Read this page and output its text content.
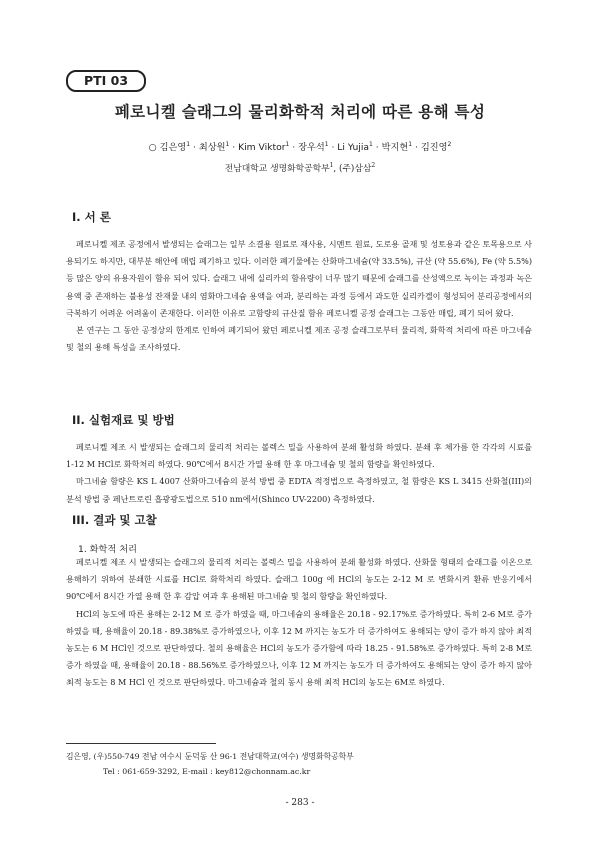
PTI 03
페로니켈 슬래그의 물리화학적 처리에 따른 용해 특성
○ 김은영$^1$ · 최상원$^1$ · Kim Viktor$^1$ · 장우석$^1$ · Li Yujia$^1$ · 박지현$^1$ · 김진영$^2$
전남대학교 생명화학공학부$^1$, (주)삼삼$^2$
I. 서 론

페로니켈 제조 공정에서 발생되는 슬래그는 일부 소결용 원료로 재사용, 시멘트 원료, 도로용 골재 및 성토용과 같은 토목용으로 사용되기도 하지만, 대부분 해안에 매립 폐기하고 있다. 이러한 폐기물에는 산화마그네슘(약 33.5%), 규산 (약 55.6%), Fe (약 5.5%) 등 많은 양의 유용자원이 함유 되어 있다. 슬래그 내에 실리카의 함유량이 너무 많기 때문에 슬래그를 산성액으로 녹이는 과정과 녹은 용액 중 존재하는 불용성 잔재물 내의 염화마그네슘 용액을 여과, 분리하는 과정 등에서 과도한 실리카겔이 형성되어 분리공정에서의 극복하기 어려운 어려움이 존재한다. 이러한 이유로 고함량의 규산질 함유 페로니켈 공정 슬래그는 그동안 매립, 폐기 되어 왔다.

본 연구는 그 동안 공정상의 한계로 인하여 폐기되어 왔던 페로니켈 제조 공정 슬래그로부터 물리적, 화학적 처리에 따른 마그네슘 및 철의 용해 특성을 조사하였다.

II. 실험재료 및 방법

페로니켈 제조 시 발생되는 슬래그의 물리적 처리는 볼렉스 밀을 사용하여 분쇄 활성화 하였다. 분쇄 후 체가름 한 각각의 시료를 1-12 M HCl로 화학처리 하였다. 90℃에서 8시간 가열 용해 한 후 마그네슘 및 철의 함량을 확인하였다.

마그네슘 함량은 KS L 4007 산화마그네슘의 분석 방법 중 EDTA 적정법으로 측정하였고, 철 함량은 KS L 3415 산화철(III)의 분석 방법 중 페난트로린 흡광광도법으로 510 nm에서(Shinco UV-2200) 측정하였다.

III. 결과 및 고찰
1. 화학적 처리

페로니켈 제조 시 발생되는 슬래그의 물리적 처리는 볼렉스 밀을 사용하여 분쇄 활성화 하였다. 산화물 형태의 슬래그를 이온으로 용해하기 위하여 분쇄한 시료를 HCl로 화학처리 하였다. 슬래그 100g 에 HCl의 농도는 2-12 M 로 변화시켜 환류 반응기에서 90℃에서 8시간 가열 용해 한 후 감압 여과 후 용해된 마그네슘 및 철의 함량을 확인하였다.

HCl의 농도에 따른 용해는 2-12 M 로 증가 하였을 때, 마그네슘의 용해율은 20.18 - 92.17%로 증가하였다. 특히 2-6 M로 증가 하였을 때, 용해율이 20.18 - 89.38%로 증가하였으나, 이후 12 M 까지는 농도가 더 증가하여도 용해되는 양이 증가 하지 않아 최적 농도는 6 M HCl인 것으로 판단하였다. 철의 용해율은 HCl의 농도가 증가함에 따라 18.25 - 91.58%로 증가하였다. 특히 2-8 M로 증가 하였을 때, 용해율이 20.18 - 88.56%로 증가하였으나, 이후 12 M 까지는 농도가 더 증가하여도 용해되는 양이 증가 하지 않아 최적 농도는 8 M HCl 인 것으로 판단하였다. 마그네슘과 철의 동시 용해 최적 HCl의 농도는 6M로 하였다.

김은영, (우)550-749 전남 여수시 둔덕동 산 96-1 전남대학교(여수) 생명화학공학부

Tel : 061-659-3292, E-mail : key812@chonnam.ac.kr

- 283 -
